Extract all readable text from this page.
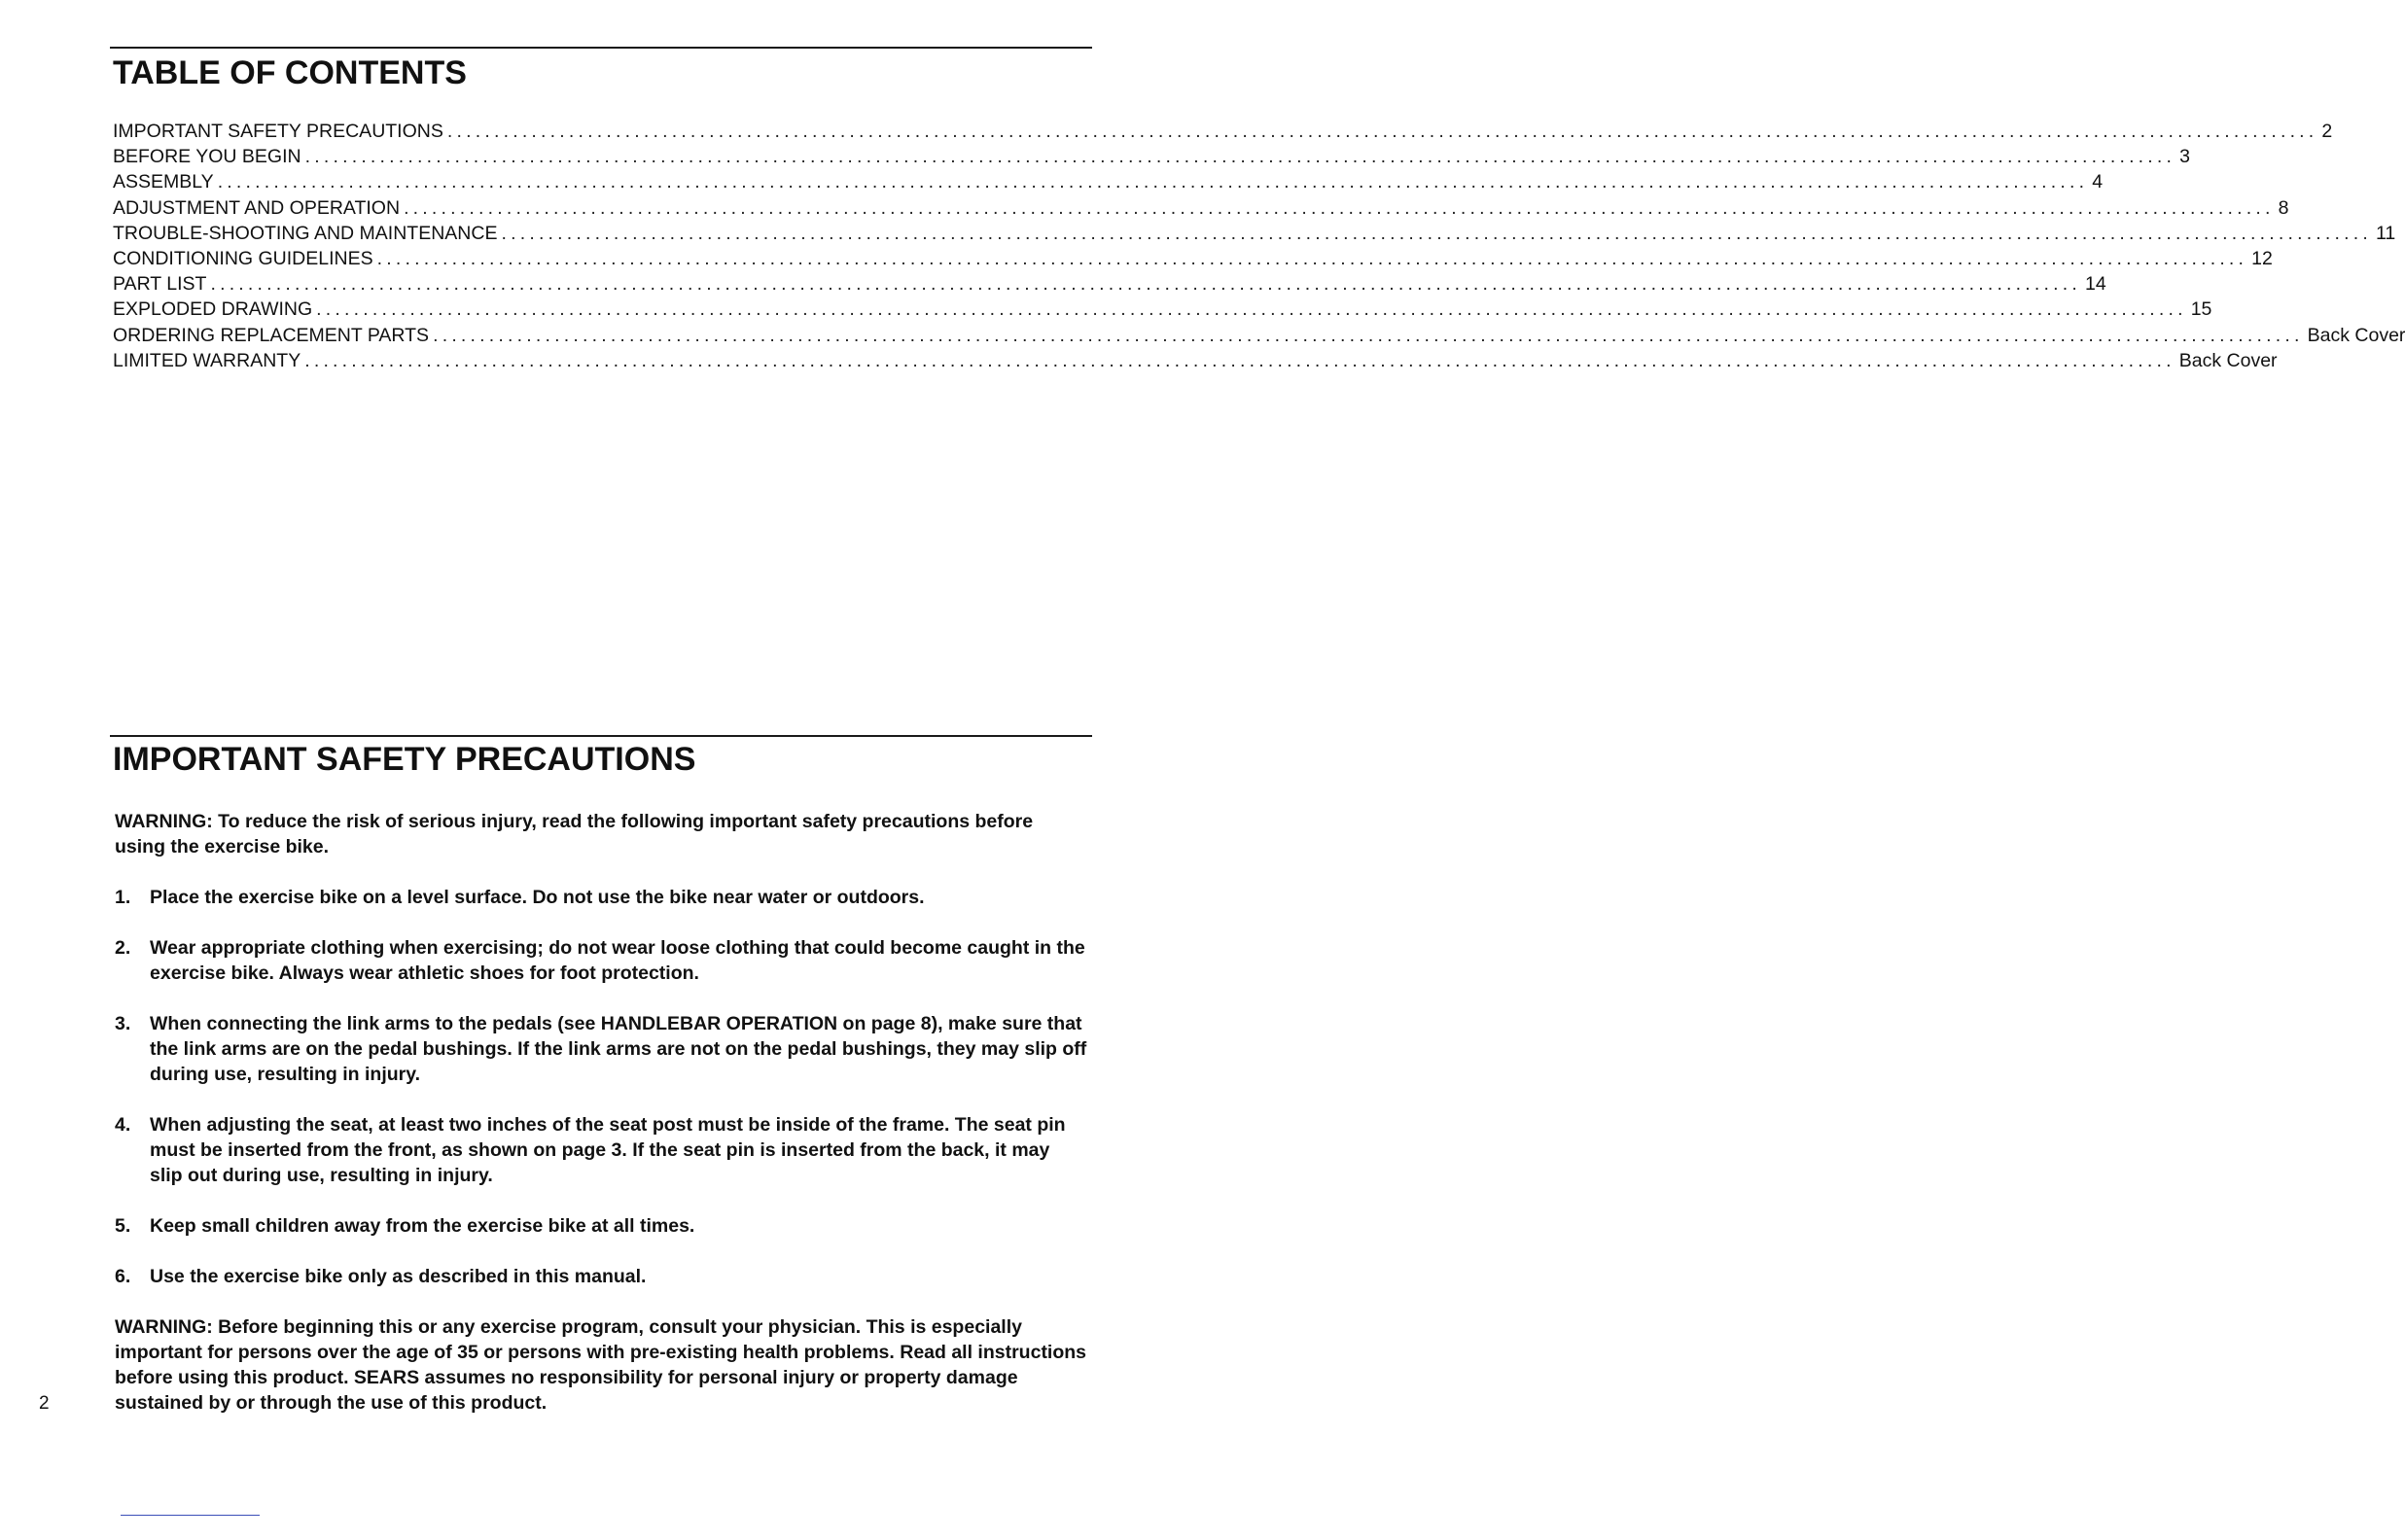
TABLE OF CONTENTS
IMPORTANT SAFETY PRECAUTIONS ........................................................................................................................................................................................................ 2
BEFORE YOU BEGIN ........................................................................................................................................................................................................ 3
ASSEMBLY ........................................................................................................................................................................................................ 4
ADJUSTMENT AND OPERATION ........................................................................................................................................................................................................ 8
TROUBLE-SHOOTING AND MAINTENANCE ........................................................................................................................................................................................................ 11
CONDITIONING GUIDELINES ........................................................................................................................................................................................................ 12
PART LIST ........................................................................................................................................................................................................ 14
EXPLODED DRAWING ........................................................................................................................................................................................................ 15
ORDERING REPLACEMENT PARTS ........................................................................................................................................................................................................ Back Cover
LIMITED WARRANTY ........................................................................................................................................................................................................ Back Cover
IMPORTANT SAFETY PRECAUTIONS

WARNING: To reduce the risk of serious injury, read the following important safety precautions before using the exercise bike.

1.	Place the exercise bike on a level surface. Do not use the bike near water or outdoors.
2.	Wear appropriate clothing when exercising; do not wear loose clothing that could become caught in the exercise bike. Always wear athletic shoes for foot protection.
3.	When connecting the link arms to the pedals (see HANDLEBAR OPERATION on page 8), make sure that the link arms are on the pedal bushings. If the link arms are not on the pedal bushings, they may slip off during use, resulting in injury.
4.	When adjusting the seat, at least two inches of the seat post must be inside of the frame. The seat pin must be inserted from the front, as shown on page 3. If the seat pin is inserted from the back, it may slip out during use, resulting in injury.
5.	Keep small children away from the exercise bike at all times.
6.	Use the exercise bike only as described in this manual.

WARNING: Before beginning this or any exercise program, consult your physician. This is especially important for persons over the age of 35 or persons with pre-existing health problems. Read all instructions before using this product. SEARS assumes no responsibility for personal injury or property damage sustained by or through the use of this product.

2
